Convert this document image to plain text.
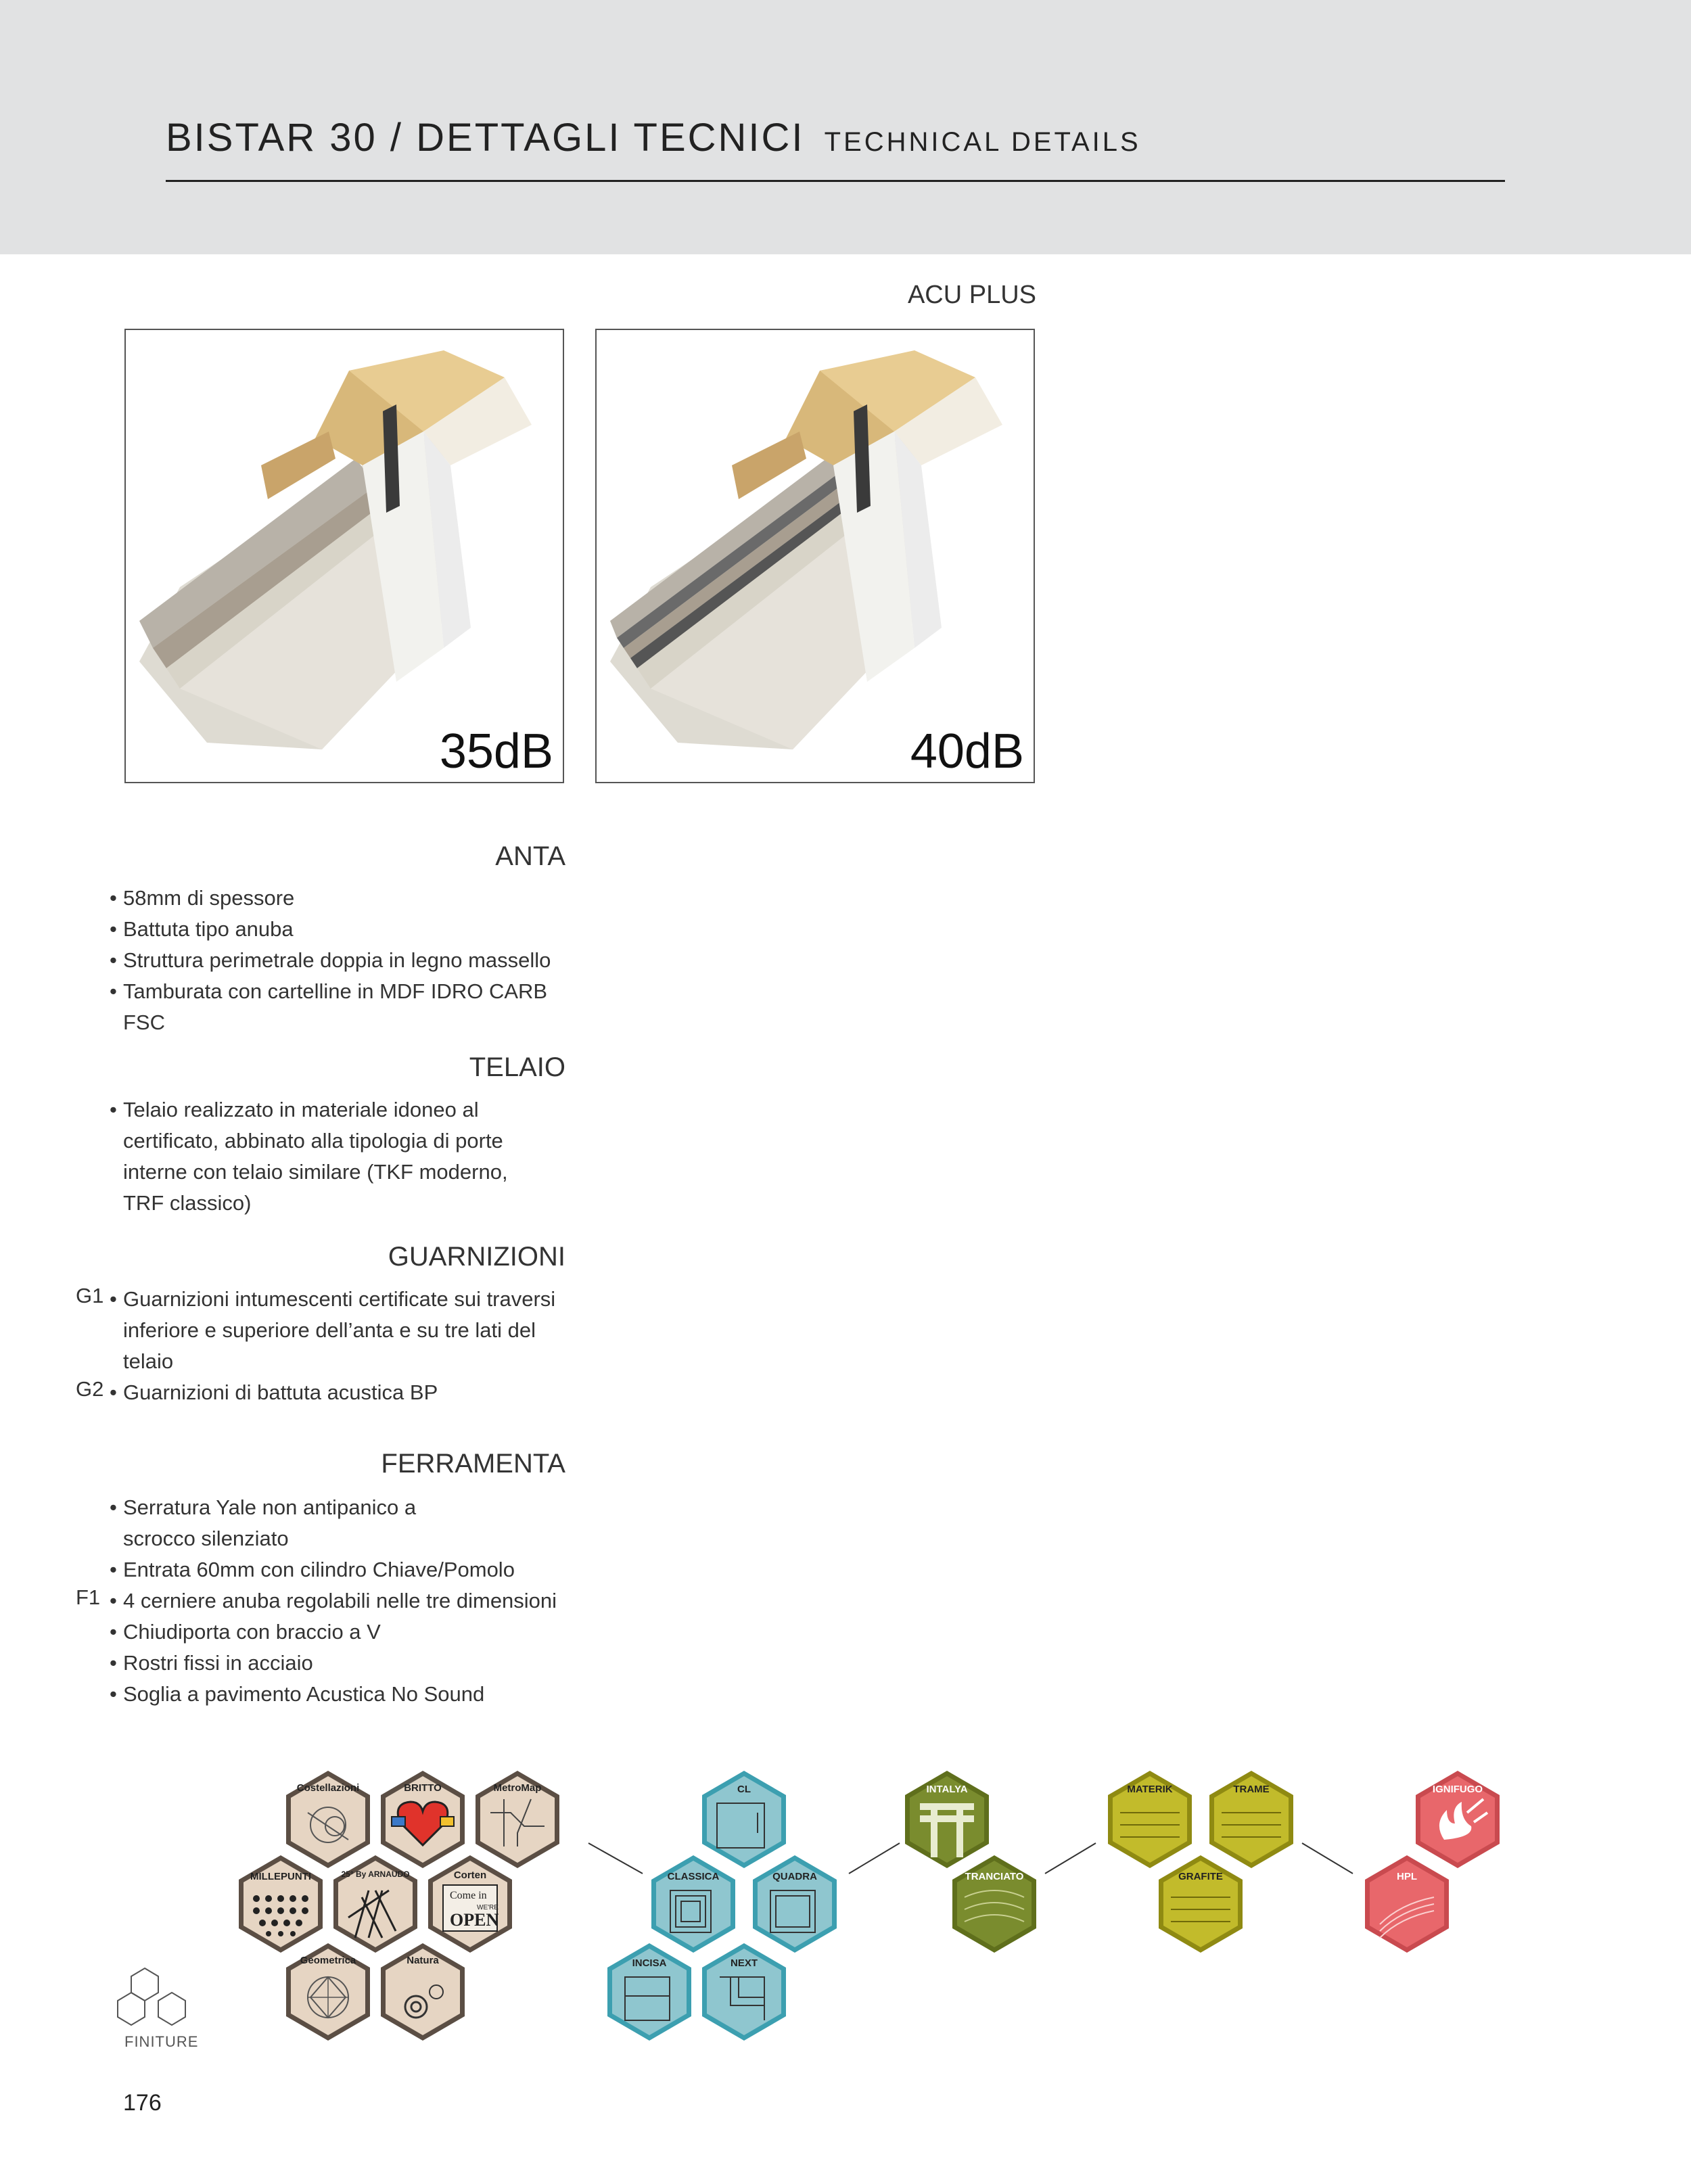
BISTAR 30 / DETTAGLI TECNICI TECHNICAL DETAILS
ACU PLUS
35dB	40dB
ANTA
• 58mm di spessore
• Battuta tipo anuba
• Struttura perimetrale doppia in legno massello
• Tamburata con cartelline in MDF IDRO CARB
FSC
TELAIO
• Telaio realizzato in materiale idoneo al
certificato, abbinato alla tipologia di porte
interne con telaio similare (TKF moderno,
TRF classico)
GUARNIZIONI
G1
G2
• Guarnizioni intumescenti certificate sui traversi
inferiore e superiore dell’anta e su tre lati del
telaio
• Guarnizioni di battuta acustica BP
FERRAMENTA
F1
• Serratura Yale non antipanico a
scrocco silenziato
• Entrata 60mm con cilindro Chiave/Pomolo
• 4 cerniere anuba regolabili nelle tre dimensioni
• Chiudiporta con braccio a V
• Rostri fissi in acciaio
• Soglia a pavimento Acustica No Sound
Costellazioni	BRITTO	MetroMap
MILLEPUNTI	25° By ARNAUDO
Come in
WE'RE
OPEN
Corten
Geometrica	Natura
CL
CLASSICA	QUADRA
INCISA	NEXT
INTALYA
TRANCIATO
MATERIK	TRAME
GRAFITE
IGNIFUGO
HPL
FINITURE
176
